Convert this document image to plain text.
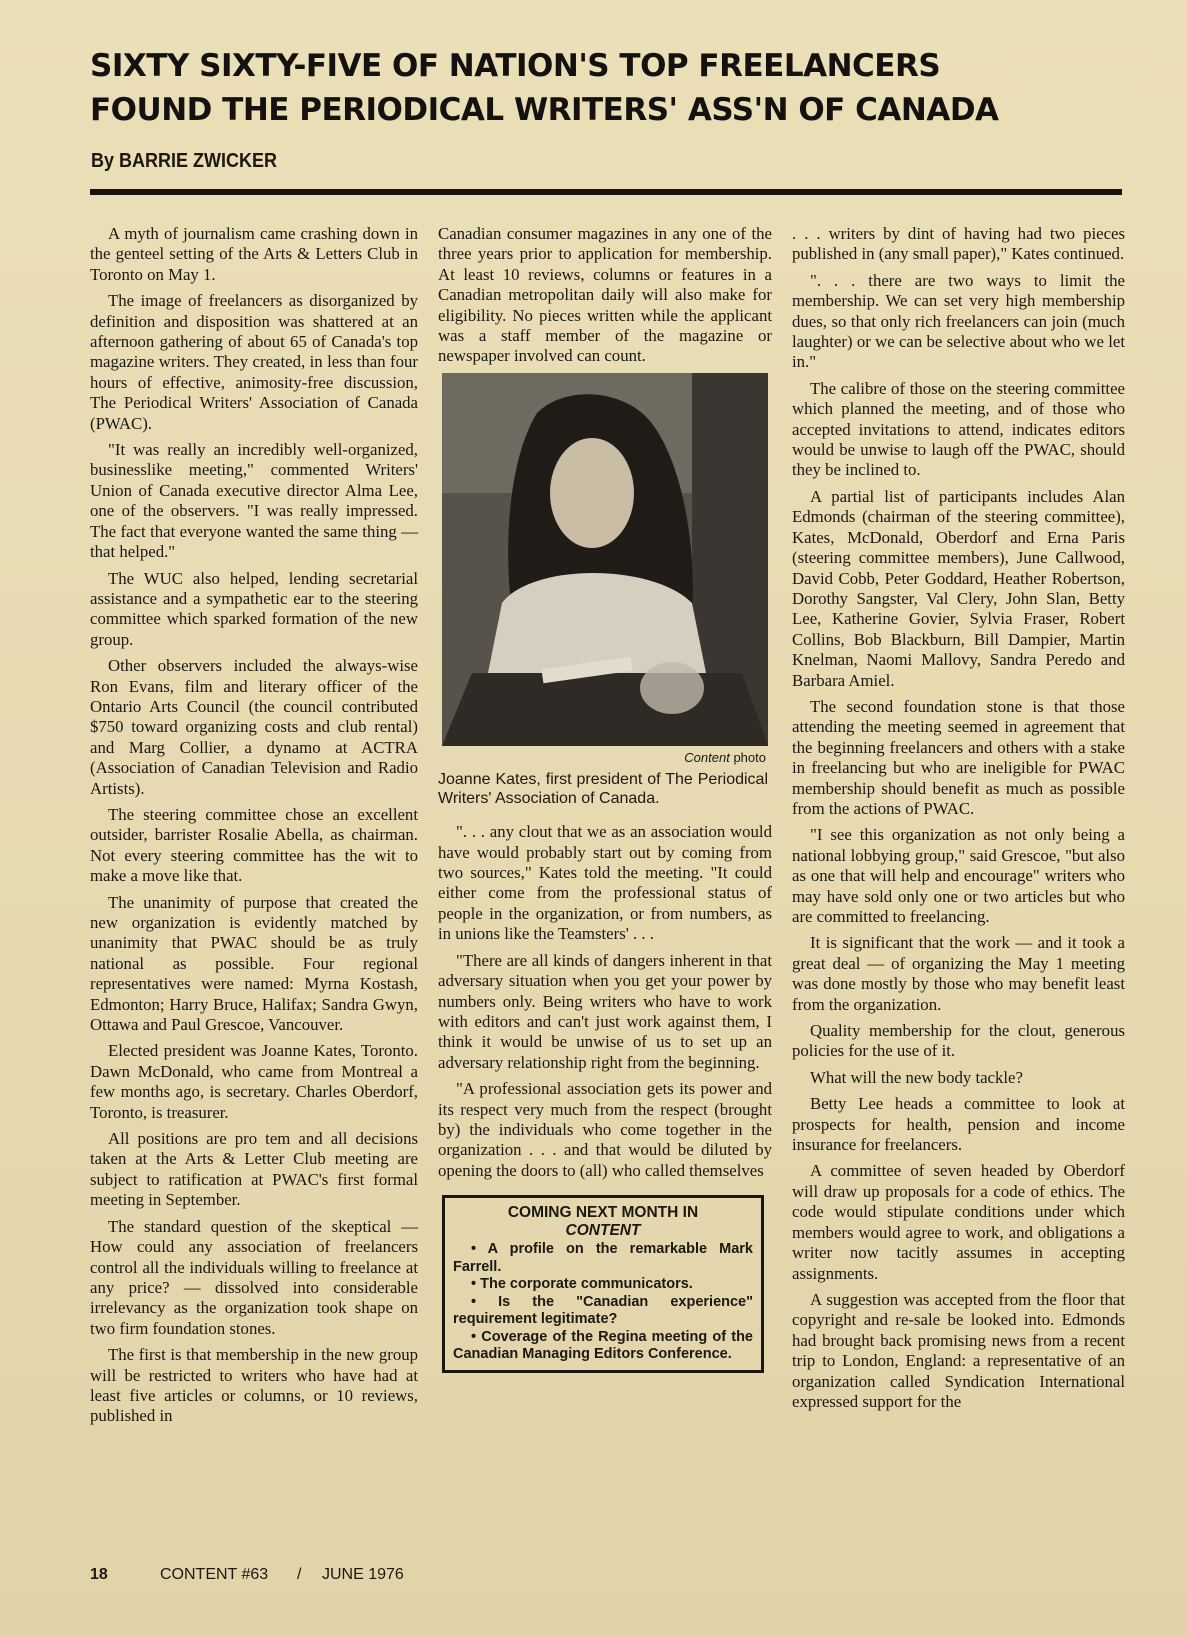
SIXTY SIXTY-FIVE OF NATION'S TOP FREELANCERS
FOUND THE PERIODICAL WRITERS' ASS'N OF CANADA
By BARRIE ZWICKER

A myth of journalism came crashing down in the genteel setting of the Arts & Letters Club in Toronto on May 1.

The image of freelancers as disorganized by definition and disposition was shattered at an afternoon gathering of about 65 of Canada's top magazine writers. They created, in less than four hours of effective, animosity-free discussion, The Periodical Writers' Association of Canada (PWAC).

"It was really an incredibly well-organized, businesslike meeting," commented Writers' Union of Canada executive director Alma Lee, one of the observers. "I was really impressed. The fact that everyone wanted the same thing — that helped."

The WUC also helped, lending secretarial assistance and a sympathetic ear to the steering committee which sparked formation of the new group.

Other observers included the always-wise Ron Evans, film and literary officer of the Ontario Arts Council (the council contributed $750 toward organizing costs and club rental) and Marg Collier, a dynamo at ACTRA (Association of Canadian Television and Radio Artists).

The steering committee chose an excellent outsider, barrister Rosalie Abella, as chairman. Not every steering committee has the wit to make a move like that.

The unanimity of purpose that created the new organization is evidently matched by unanimity that PWAC should be as truly national as possible. Four regional representatives were named: Myrna Kostash, Edmonton; Harry Bruce, Halifax; Sandra Gwyn, Ottawa and Paul Grescoe, Vancouver.

Elected president was Joanne Kates, Toronto. Dawn McDonald, who came from Montreal a few months ago, is secretary. Charles Oberdorf, Toronto, is treasurer.

All positions are pro tem and all decisions taken at the Arts & Letter Club meeting are subject to ratification at PWAC's first formal meeting in September.

The standard question of the skeptical — How could any association of freelancers control all the individuals willing to freelance at any price? — dissolved into considerable irrelevancy as the organization took shape on two firm foundation stones.

The first is that membership in the new group will be restricted to writers who have had at least five articles or columns, or 10 reviews, published in

Canadian consumer magazines in any one of the three years prior to application for membership. At least 10 reviews, columns or features in a Canadian metropolitan daily will also make for eligibility. No pieces written while the applicant was a staff member of the magazine or newspaper involved can count.

Content photo
Joanne Kates, first president of The Periodical Writers' Association of Canada.

". . . any clout that we as an association would have would probably start out by coming from two sources," Kates told the meeting. "It could either come from the professional status of people in the organization, or from numbers, as in unions like the Teamsters' . . .

"There are all kinds of dangers inherent in that adversary situation when you get your power by numbers only. Being writers who have to work with editors and can't just work against them, I think it would be unwise of us to set up an adversary relationship right from the beginning.

"A professional association gets its power and its respect very much from the respect (brought by) the individuals who come together in the organization . . . and that would be diluted by opening the doors to (all) who called themselves

COMING NEXT MONTH IN
CONTENT

• A profile on the remarkable Mark Farrell.

• The corporate communicators.

• Is the "Canadian experience" requirement legitimate?

• Coverage of the Regina meeting of the Canadian Managing Editors Conference.

. . . writers by dint of having had two pieces published in (any small paper)," Kates continued.

". . . there are two ways to limit the membership. We can set very high membership dues, so that only rich freelancers can join (much laughter) or we can be selective about who we let in."

The calibre of those on the steering committee which planned the meeting, and of those who accepted invitations to attend, indicates editors would be unwise to laugh off the PWAC, should they be inclined to.

A partial list of participants includes Alan Edmonds (chairman of the steering committee), Kates, McDonald, Oberdorf and Erna Paris (steering committee members), June Callwood, David Cobb, Peter Goddard, Heather Robertson, Dorothy Sangster, Val Clery, John Slan, Betty Lee, Katherine Govier, Sylvia Fraser, Robert Collins, Bob Blackburn, Bill Dampier, Martin Knelman, Naomi Mallovy, Sandra Peredo and Barbara Amiel.

The second foundation stone is that those attending the meeting seemed in agreement that the beginning freelancers and others with a stake in freelancing but who are ineligible for PWAC membership should benefit as much as possible from the actions of PWAC.

"I see this organization as not only being a national lobbying group," said Grescoe, "but also as one that will help and encourage" writers who may have sold only one or two articles but who are committed to freelancing.

It is significant that the work — and it took a great deal — of organizing the May 1 meeting was done mostly by those who may benefit least from the organization.

Quality membership for the clout, generous policies for the use of it.

What will the new body tackle?

Betty Lee heads a committee to look at prospects for health, pension and income insurance for freelancers.

A committee of seven headed by Oberdorf will draw up proposals for a code of ethics. The code would stipulate conditions under which members would agree to work, and obligations a writer now tacitly assumes in accepting assignments.

A suggestion was accepted from the floor that copyright and re-sale be looked into. Edmonds had brought back promising news from a recent trip to London, England: a representative of an organization called Syndication International expressed support for the

18	CONTENT #63 / JUNE 1976
